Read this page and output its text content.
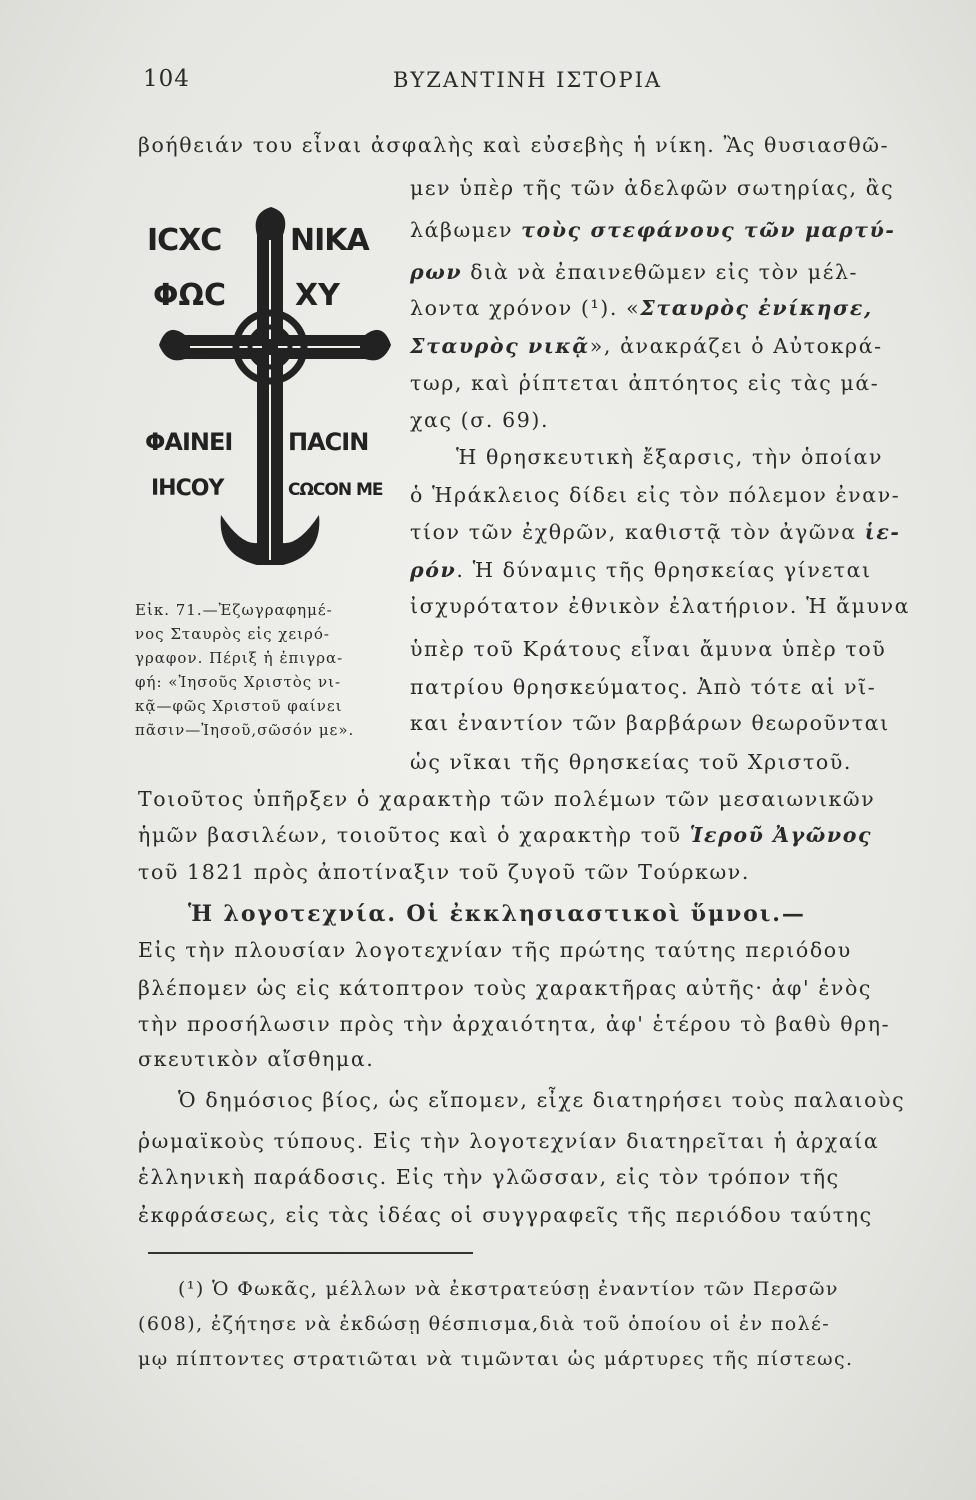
104	ΒΥΖΑΝΤΙΝΗ ΙΣΤΟΡΙΑ
βοήθειάν του εἶναι ἀσφαλὴς καὶ εὐσεβὴς ἡ νίκη. Ἂς θυσιασθῶ-
μεν ὑπὲρ τῆς τῶν ἀδελφῶν σωτηρίας, ἂς
λάβωμεν τοὺς στεφάνους τῶν μαρτύ-
ρων διὰ νὰ ἐπαινεθῶμεν εἰς τὸν μέλ-
λοντα χρόνον (¹). «Σταυρὸς ἐνίκησε,
Σταυρὸς νικᾷ», ἀνακράζει ὁ Αὐτοκρά-
τωρ, καὶ ῥίπτεται ἀπτόητος εἰς τὰς μά-
χας (σ. 69).
Ἡ θρησκευτικὴ ἔξαρσις, τὴν ὁποίαν
ὁ Ἡράκλειος δίδει εἰς τὸν πόλεμον ἐναν-
τίον τῶν ἐχθρῶν, καθιστᾷ τὸν ἀγῶνα ἱε-
ρόν. Ἡ δύναμις τῆς θρησκείας γίνεται
ἰσχυρότατον ἐθνικὸν ἐλατήριον. Ἡ ἄμυνα
ὑπὲρ τοῦ Κράτους εἶναι ἄμυνα ὑπὲρ τοῦ
πατρίου θρησκεύματος. Ἀπὸ τότε αἱ νῖ-
και ἐναντίον τῶν βαρβάρων θεωροῦνται
ὡς νῖκαι τῆς θρησκείας τοῦ Χριστοῦ.
Τοιοῦτος ὑπῆρξεν ὁ χαρακτὴρ τῶν πολέμων τῶν μεσαιωνικῶν
ἡμῶν βασιλέων, τοιοῦτος καὶ ὁ χαρακτὴρ τοῦ Ἱεροῦ Ἀγῶνος
τοῦ 1821 πρὸς ἀποτίναξιν τοῦ ζυγοῦ τῶν Τούρκων.
Ἡ λογοτεχνία. Οἱ ἐκκλησιαστικοὶ ὕμνοι.—
Εἰς τὴν πλουσίαν λογοτεχνίαν τῆς πρώτης ταύτης περιόδου
βλέπομεν ὡς εἰς κάτοπτρον τοὺς χαρακτῆρας αὐτῆς· ἀφ' ἑνὸς
τὴν προσήλωσιν πρὸς τὴν ἀρχαιότητα, ἀφ' ἑτέρου τὸ βαθὺ θρη-
σκευτικὸν αἴσθημα.
Ὁ δημόσιος βίος, ὡς εἴπομεν, εἶχε διατηρήσει τοὺς παλαιοὺς
ῥωμαϊκοὺς τύπους. Εἰς τὴν λογοτεχνίαν διατηρεῖται ἡ ἀρχαία
ἑλληνικὴ παράδοσις. Εἰς τὴν γλῶσσαν, εἰς τὸν τρόπον τῆς
ἐκφράσεως, εἰς τὰς ἰδέας οἱ συγγραφεῖς τῆς περιόδου ταύτης
ΙϹΧϹ ΝΙΚΑ
ΦΩϹ ΧΥ
ΦΑΙΝΕΙ ΠΑϹΙΝ
ΙΗϹΟΥ	ϹΩϹΟΝ ΜΕ
Εἰκ. 71.—Ἐζωγραφημέ-
νος Σταυρὸς εἰς χειρό-
γραφον. Πέριξ ἡ ἐπιγρα-
φή: «Ἰησοῦς Χριστὸς νι-
κᾷ—φῶς Χριστοῦ φαίνει
πᾶσιν—Ἰησοῦ,σῶσόν με».
(¹) Ὁ Φωκᾶς, μέλλων νὰ ἐκστρατεύσῃ ἐναντίον τῶν Περσῶν
(608), ἐζήτησε νὰ ἐκδώσῃ θέσπισμα,διὰ τοῦ ὁποίου οἱ ἐν πολέ-
μῳ πίπτοντες στρατιῶται νὰ τιμῶνται ὡς μάρτυρες τῆς πίστεως.
